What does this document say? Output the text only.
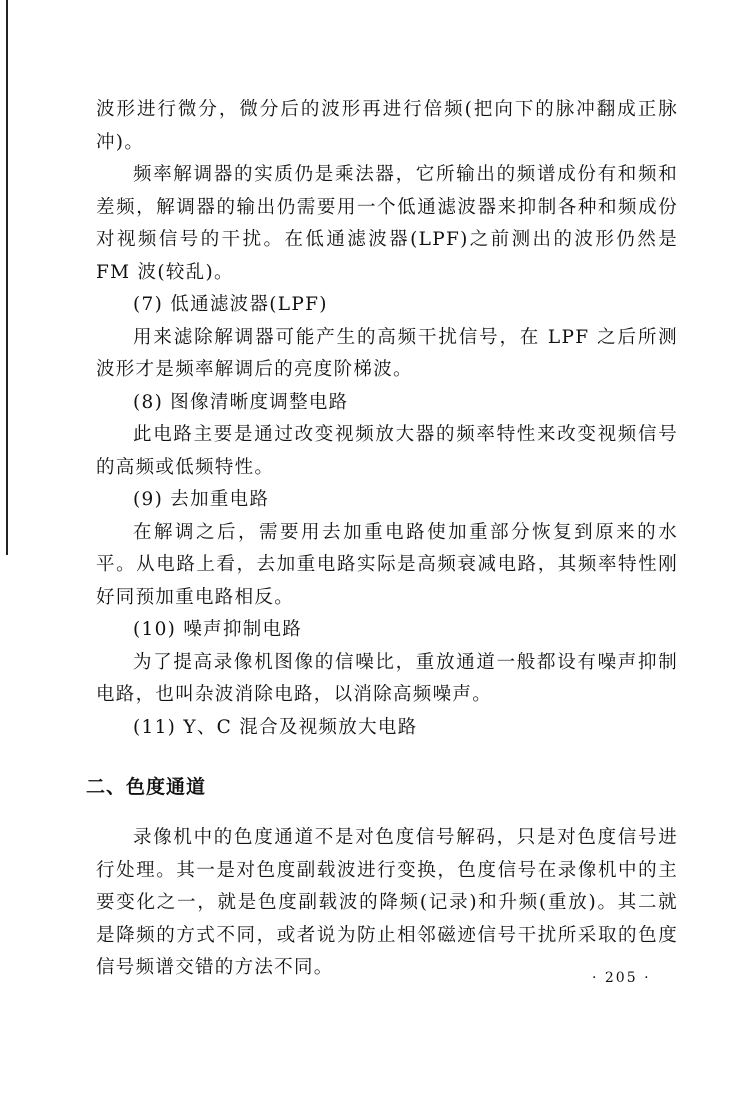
波形进行微分，微分后的波形再进行倍频(把向下的脉冲翻成正脉冲)。

频率解调器的实质仍是乘法器，它所输出的频谱成份有和频和差频，解调器的输出仍需要用一个低通滤波器来抑制各种和频成份对视频信号的干扰。在低通滤波器(LPF)之前测出的波形仍然是 FM 波(较乱)。

(7) 低通滤波器(LPF)

用来滤除解调器可能产生的高频干扰信号，在 LPF 之后所测波形才是频率解调后的亮度阶梯波。

(8) 图像清晰度调整电路

此电路主要是通过改变视频放大器的频率特性来改变视频信号的高频或低频特性。

(9) 去加重电路

在解调之后，需要用去加重电路使加重部分恢复到原来的水平。从电路上看，去加重电路实际是高频衰减电路，其频率特性刚好同预加重电路相反。

(10) 噪声抑制电路

为了提高录像机图像的信噪比，重放通道一般都设有噪声抑制电路，也叫杂波消除电路，以消除高频噪声。

(11) Y、C 混合及视频放大电路

二、色度通道

录像机中的色度通道不是对色度信号解码，只是对色度信号进行处理。其一是对色度副载波进行变换，色度信号在录像机中的主要变化之一，就是色度副载波的降频(记录)和升频(重放)。其二就是降频的方式不同，或者说为防止相邻磁迹信号干扰所采取的色度信号频谱交错的方法不同。	· 205 ·
